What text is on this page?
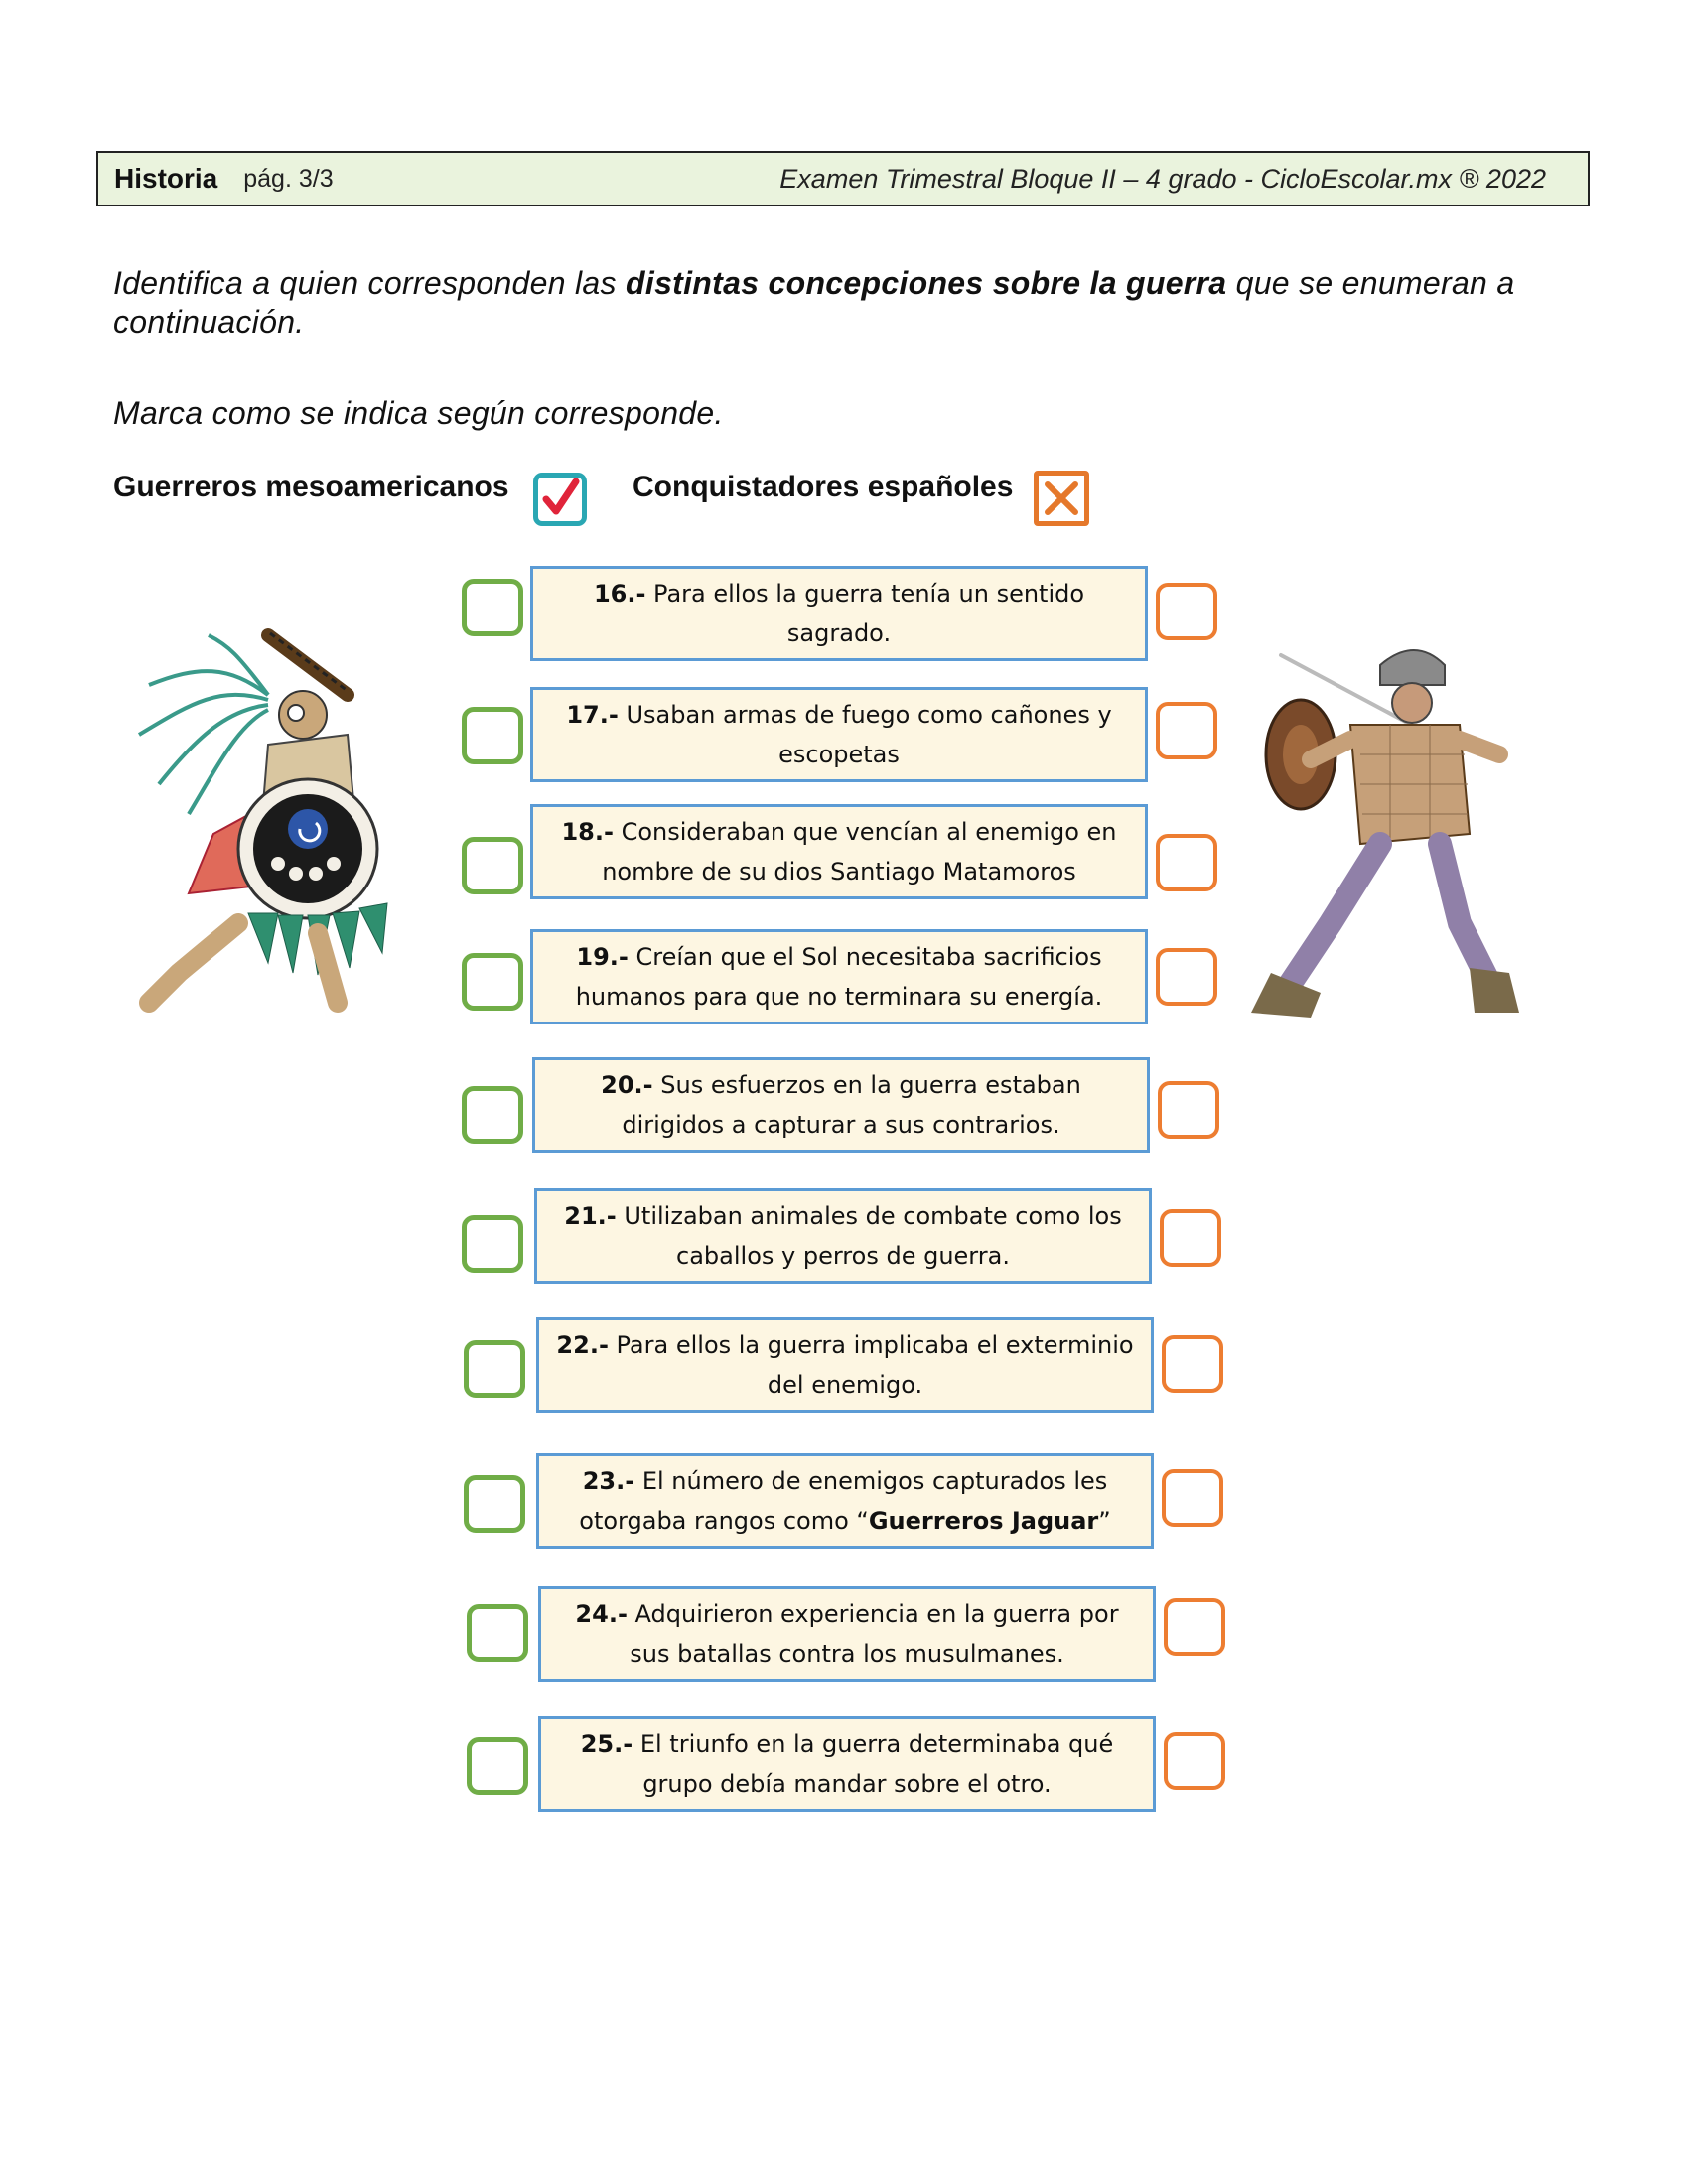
Historia pág. 3/3	Examen Trimestral Bloque II – 4 grado - CicloEscolar.mx ® 2022
Identifica a quien corresponden las distintas concepciones sobre la guerra que se enumeran a continuación.
Marca como se indica según corresponde.
Guerreros mesoamericanos	Conquistadores españoles
16.- Para ellos la guerra tenía un sentido sagrado.
17.- Usaban armas de fuego como cañones y escopetas
18.- Consideraban que vencían al enemigo en nombre de su dios Santiago Matamoros
19.- Creían que el Sol necesitaba sacrificios humanos para que no terminara su energía.
20.- Sus esfuerzos en la guerra estaban dirigidos a capturar a sus contrarios.
21.- Utilizaban animales de combate como los caballos y perros de guerra.
22.- Para ellos la guerra implicaba el exterminio del enemigo.
23.- El número de enemigos capturados les otorgaba rangos como “Guerreros Jaguar”
24.- Adquirieron experiencia en la guerra por sus batallas contra los musulmanes.
25.- El triunfo en la guerra determinaba qué grupo debía mandar sobre el otro.
